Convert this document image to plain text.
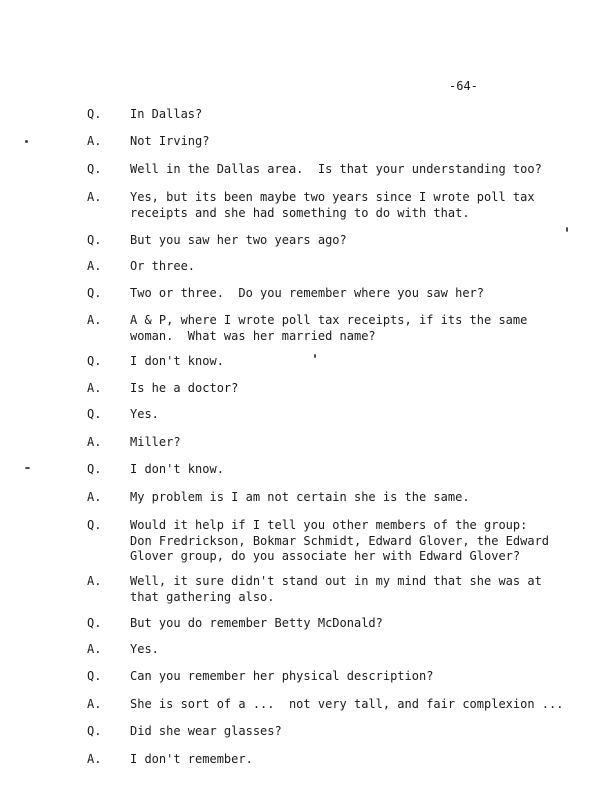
-64-
Q. In Dallas?
A. Not Irving?
Q. Well in the Dallas area.  Is that your understanding too?
A. Yes, but its been maybe two years since I wrote poll tax
receipts and she had something to do with that.
Q. But you saw her two years ago?
A. Or three.
Q. Two or three.  Do you remember where you saw her?
A. A & P, where I wrote poll tax receipts, if its the same
woman.  What was her married name?
Q. I don't know.
A. Is he a doctor?
Q. Yes.
A. Miller?
Q. I don't know.
A. My problem is I am not certain she is the same.
Q. Would it help if I tell you other members of the group:
Don Fredrickson, Bokmar Schmidt, Edward Glover, the Edward
Glover group, do you associate her with Edward Glover?
A. Well, it sure didn't stand out in my mind that she was at
that gathering also.
Q. But you do remember Betty McDonald?
A. Yes.
Q. Can you remember her physical description?
A. She is sort of a ...  not very tall, and fair complexion ...
Q. Did she wear glasses?
A. I don't remember.
